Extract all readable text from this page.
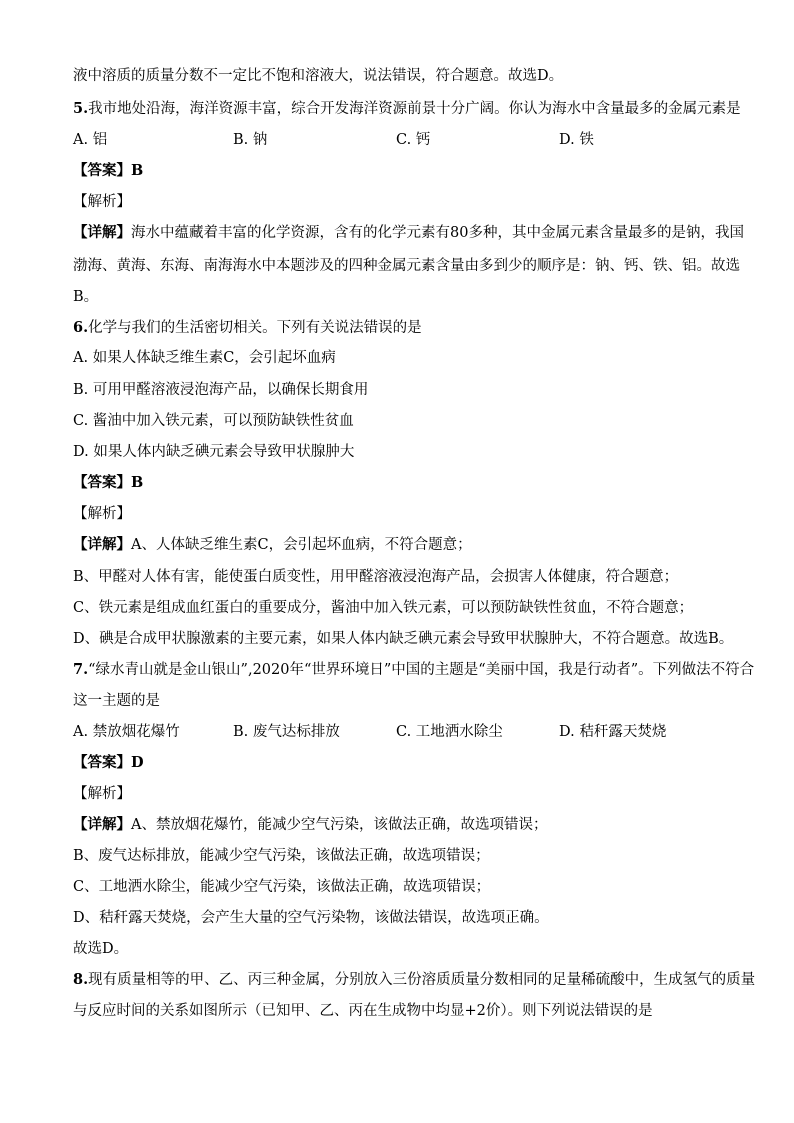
液中溶质的质量分数不一定比不饱和溶液大，说法错误，符合题意。故选D。
5.我市地处沿海，海洋资源丰富，综合开发海洋资源前景十分广阔。你认为海水中含量最多的金属元素是
A. 铝	B. 钠	C. 钙	D. 铁
【答案】B
【解析】
【详解】海水中蕴藏着丰富的化学资源，含有的化学元素有80多种，其中金属元素含量最多的是钠，我国
渤海、黄海、东海、南海海水中本题涉及的四种金属元素含量由多到少的顺序是：钠、钙、铁、铝。故选
B。
6.化学与我们的生活密切相关。下列有关说法错误的是
A. 如果人体缺乏维生素C，会引起坏血病
B. 可用甲醛溶液浸泡海产品，以确保长期食用
C. 酱油中加入铁元素，可以预防缺铁性贫血
D. 如果人体内缺乏碘元素会导致甲状腺肿大
【答案】B
【解析】
【详解】A、人体缺乏维生素C，会引起坏血病，不符合题意；
B、甲醛对人体有害，能使蛋白质变性，用甲醛溶液浸泡海产品，会损害人体健康，符合题意；
C、铁元素是组成血红蛋白的重要成分，酱油中加入铁元素，可以预防缺铁性贫血，不符合题意；
D、碘是合成甲状腺激素的主要元素，如果人体内缺乏碘元素会导致甲状腺肿大，不符合题意。故选B。
7.“绿水青山就是金山银山”,2020年“世界环境日”中国的主题是“美丽中国，我是行动者”。下列做法不符合
这一主题的是
A. 禁放烟花爆竹	B. 废气达标排放	C. 工地洒水除尘	D. 秸秆露天焚烧
【答案】D
【解析】
【详解】A、禁放烟花爆竹，能减少空气污染，该做法正确，故选项错误；
B、废气达标排放，能减少空气污染，该做法正确，故选项错误；
C、工地洒水除尘，能减少空气污染，该做法正确，故选项错误；
D、秸秆露天焚烧，会产生大量的空气污染物，该做法错误，故选项正确。
故选D。
8.现有质量相等的甲、乙、丙三种金属，分别放入三份溶质质量分数相同的足量稀硫酸中，生成氢气的质量
与反应时间的关系如图所示（已知甲、乙、丙在生成物中均显+2价）。则下列说法错误的是
